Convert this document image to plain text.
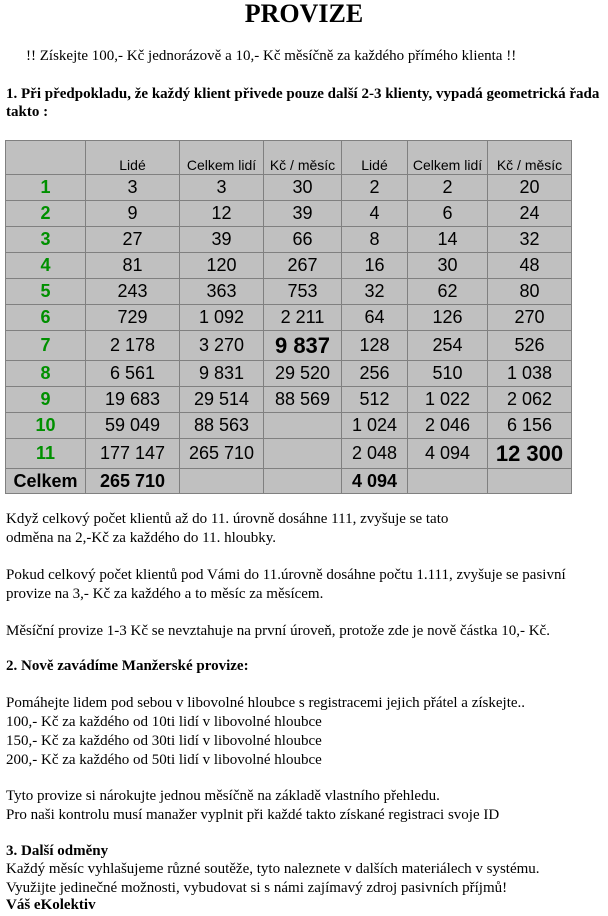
PROVIZE
!! Získejte 100,- Kč jednorázově a 10,- Kč měsíčně za každého přímého klienta !!
1. Při předpokladu, že každý klient přivede pouze další 2-3 klienty, vypadá geometrická řada takto :
	Lidé	Celkem lidí	Kč / měsíc	Lidé	Celkem lidí	Kč / měsíc
1	3	3	30	2	2	20
2	9	12	39	4	6	24
3	27	39	66	8	14	32
4	81	120	267	16	30	48
5	243	363	753	32	62	80
6	729	1 092	2 211	64	126	270
7	2 178	3 270	9 837	128	254	526
8	6 561	9 831	29 520	256	510	1 038
9	19 683	29 514	88 569	512	1 022	2 062
10	59 049	88 563		1 024	2 046	6 156
11	177 147	265 710		2 048	4 094	12 300
Celkem	265 710			4 094		
Když celkový počet klientů až do 11. úrovně dosáhne 111, zvyšuje se tato
odměna na 2,-Kč za každého do 11. hloubky.
Pokud celkový počet klientů pod Vámi do 11.úrovně dosáhne počtu 1.111, zvyšuje se pasivní
provize na 3,- Kč za každého a to měsíc za měsícem.
Měsíční provize 1-3 Kč se nevztahuje na první úroveň, protože zde je nově částka 10,- Kč.
2. Nově zavádíme Manžerské provize:
Pomáhejte lidem pod sebou v libovolné hloubce s registracemi jejich přátel a získejte..
100,- Kč za každého od 10ti lidí v libovolné hloubce
150,- Kč za každého od 30ti lidí v libovolné hloubce
200,- Kč za každého od 50ti lidí v libovolné hloubce
Tyto provize si nárokujte jednou měsíčně na základě vlastního přehledu.
Pro naši kontrolu musí manažer vyplnit při každé takto získané registraci svoje ID
3. Další odměny
Každý měsíc vyhlašujeme různé soutěže, tyto naleznete v dalších materiálech v systému.
Využijte jedinečné možnosti, vybudovat si s námi zajímavý zdroj pasivních příjmů!
Váš eKolektiv
